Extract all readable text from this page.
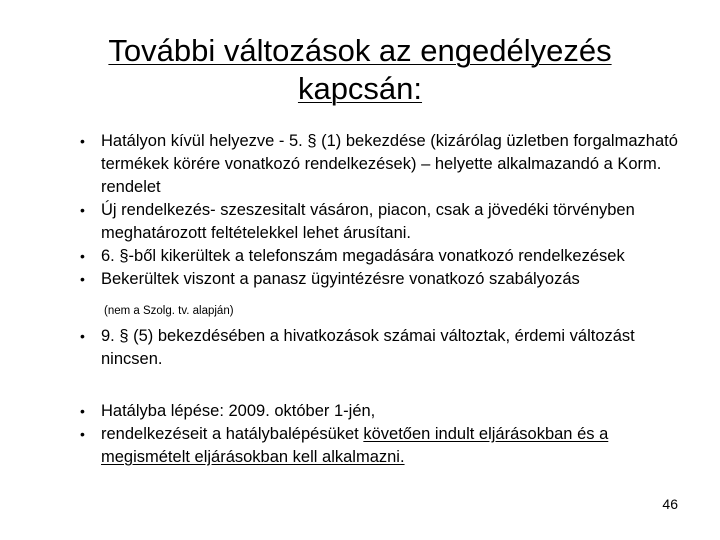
További változások az engedélyezés
kapcsán:
• Hatályon kívül helyezve - 5. § (1) bekezdése (kizárólag üzletben forgalmazható termékek körére vonatkozó rendelkezések) – helyette alkalmazandó a Korm. rendelet
• Új rendelkezés- szeszesitalt vásáron, piacon, csak a jövedéki törvényben meghatározott feltételekkel lehet árusítani.
• 6. §-ből kikerültek a telefonszám megadására vonatkozó rendelkezések
• Bekerültek viszont a panasz ügyintézésre vonatkozó szabályozás
(nem a Szolg. tv. alapján)
• 9. § (5) bekezdésében a hivatkozások számai változtak, érdemi változást nincsen.
• Hatályba lépése: 2009. október 1-jén,
• rendelkezéseit a hatálybalépésüket követően indult eljárásokban és a megismételt eljárásokban kell alkalmazni.
46
